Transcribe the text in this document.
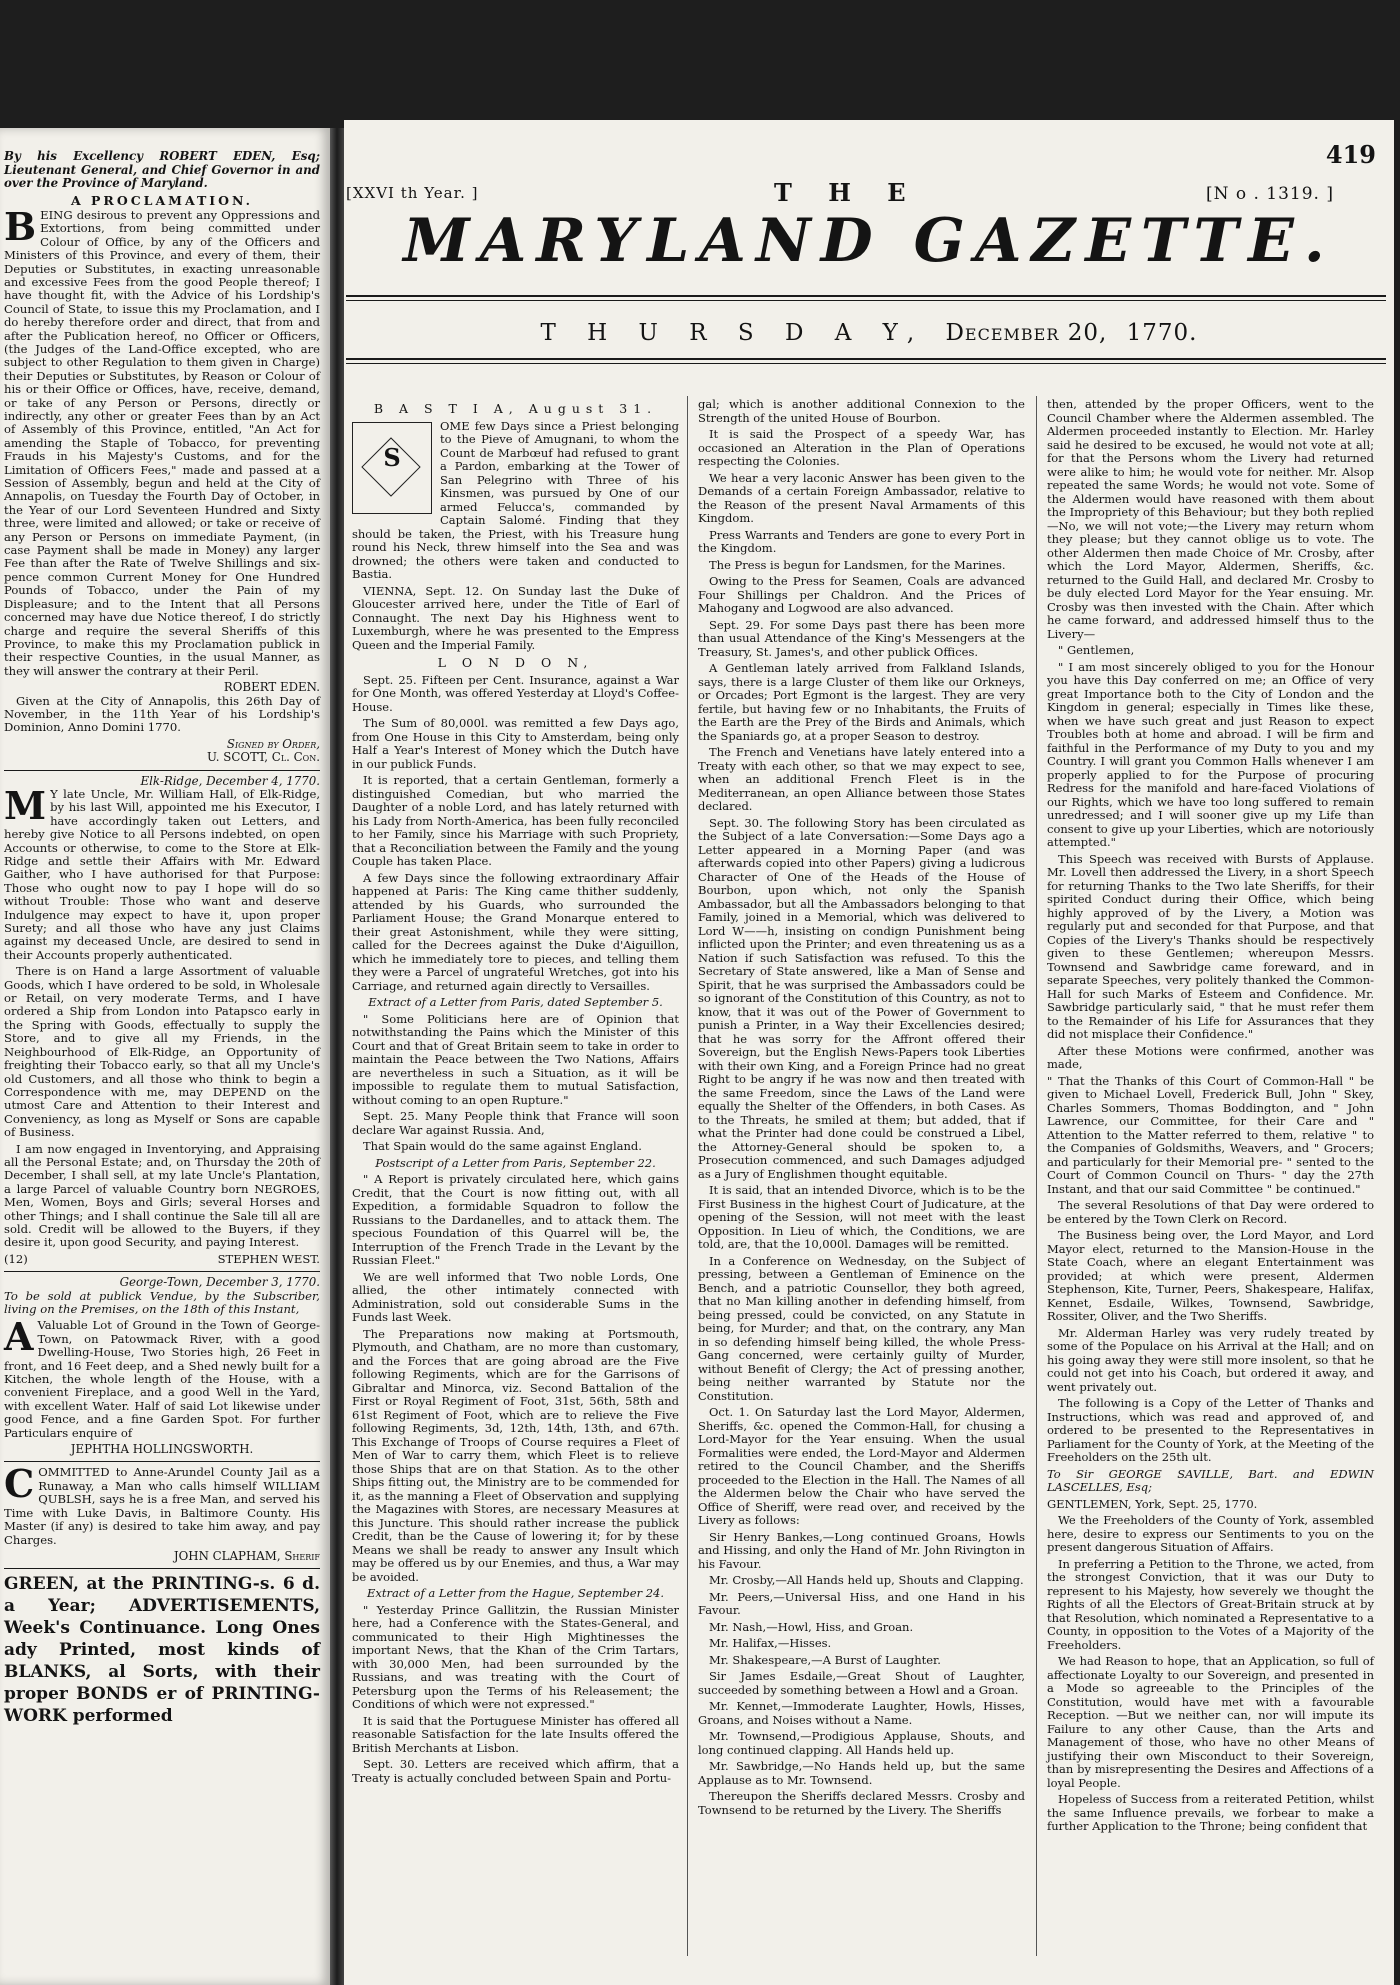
By his Excellency ROBERT EDEN, Esq; Lieutenant General, and Chief Governor in and over the Province of Maryland.
A PROCLAMATION.

BEING desirous to prevent any Oppressions and Extortions, from being committed under Colour of Office, by any of the Officers and Ministers of this Province, and every of them, their Deputies or Substitutes, in exacting unreasonable and excessive Fees from the good People thereof; I have thought fit, with the Advice of his Lordship's Council of State, to issue this my Proclamation, and I do hereby therefore order and direct, that from and after the Publication hereof, no Officer or Officers, (the Judges of the Land-Office excepted, who are subject to other Regulation to them given in Charge) their Deputies or Substitutes, by Reason or Colour of his or their Office or Offices, have, receive, demand, or take of any Person or Persons, directly or indirectly, any other or greater Fees than by an Act of Assembly of this Province, entitled, "An Act for amending the Staple of Tobacco, for preventing Frauds in his Majesty's Customs, and for the Limitation of Officers Fees," made and passed at a Session of Assembly, begun and held at the City of Annapolis, on Tuesday the Fourth Day of October, in the Year of our Lord Seventeen Hundred and Sixty three, were limited and allowed; or take or receive of any Person or Persons on immediate Payment, (in case Payment shall be made in Money) any larger Fee than after the Rate of Twelve Shillings and six-pence common Current Money for One Hundred Pounds of Tobacco, under the Pain of my Displeasure; and to the Intent that all Persons concerned may have due Notice thereof, I do strictly charge and require the several Sheriffs of this Province, to make this my Proclamation publick in their respective Counties, in the usual Manner, as they will answer the contrary at their Peril.

ROBERT EDEN.

Given at the City of Annapolis, this 26th Day of November, in the 11th Year of his Lordship's Dominion, Anno Domini 1770.

Signed by Order,
U. SCOTT, Cl. Con.
Elk-Ridge, December 4, 1770.

M Y late Uncle, Mr. William Hall, of Elk-Ridge, by his last Will, appointed me his Executor, I have accordingly taken out Letters, and hereby give Notice to all Persons indebted, on open Accounts or otherwise, to come to the Store at Elk-Ridge and settle their Affairs with Mr. Edward Gaither, who I have authorised for that Purpose: Those who ought now to pay I hope will do so without Trouble: Those who want and deserve Indulgence may expect to have it, upon proper Surety; and all those who have any just Claims against my deceased Uncle, are desired to send in their Accounts properly authenticated.

There is on Hand a large Assortment of valuable Goods, which I have ordered to be sold, in Wholesale or Retail, on very moderate Terms, and I have ordered a Ship from London into Patapsco early in the Spring with Goods, effectually to supply the Store, and to give all my Friends, in the Neighbourhood of Elk-Ridge, an Opportunity of freighting their Tobacco early, so that all my Uncle's old Customers, and all those who think to begin a Correspondence with me, may DEPEND on the utmost Care and Attention to their Interest and Conveniency, as long as Myself or Sons are capable of Business.

I am now engaged in Inventorying, and Appraising all the Personal Estate; and, on Thursday the 20th of December, I shall sell, at my late Uncle's Plantation, a large Parcel of valuable Country born NEGROES, Men, Women, Boys and Girls; several Horses and other Things; and I shall continue the Sale till all are sold. Credit will be allowed to the Buyers, if they desire it, upon good Security, and paying Interest.

(12)	STEPHEN WEST.
George-Town, December 3, 1770.

To be sold at publick Vendue, by the Subscriber, living on the Premises, on the 18th of this Instant,

A Valuable Lot of Ground in the Town of George-Town, on Patowmack River, with a good Dwelling-House, Two Stories high, 26 Feet in front, and 16 Feet deep, and a Shed newly built for a Kitchen, the whole length of the House, with a convenient Fireplace, and a good Well in the Yard, with excellent Water. Half of said Lot likewise under good Fence, and a fine Garden Spot. For further Particulars enquire of

JEPHTHA HOLLINGSWORTH.

COMMITTED to Anne-Arundel County Jail as a Runaway, a Man who calls himself WILLIAM QUBLSH, says he is a free Man, and served his Time with Luke Davis, in Baltimore County. His Master (if any) is desired to take him away, and pay Charges.

JOHN CLAPHAM, Sherif
GREEN, at the PRINTING-s. 6 d. a Year; ADVERTISEMENTS, Week's Continuance. Long Ones ady Printed, most kinds of BLANKS, al Sorts, with their proper BONDS er of PRINTING-WORK performed
419
[XXVI th Year. ]	T H E	[N o . 1319. ]
MARYLAND GAZETTE.
T H U R S D A Y, December 20, 1770.

B A S T I A, August 31.

S

OME few Days since a Priest belonging to the Pieve of Amugnani, to whom the Count de Marbœuf had refused to grant a Pardon, embarking at the Tower of San Pelegrino with Three of his Kinsmen, was pursued by One of our armed Felucca's, commanded by Captain Salomé. Finding that they should be taken, the Priest, with his Treasure hung round his Neck, threw himself into the Sea and was drowned; the others were taken and conducted to Bastia.

VIENNA, Sept. 12. On Sunday last the Duke of Gloucester arrived here, under the Title of Earl of Connaught. The next Day his Highness went to Luxemburgh, where he was presented to the Empress Queen and the Imperial Family.

L O N D O N,

Sept. 25. Fifteen per Cent. Insurance, against a War for One Month, was offered Yesterday at Lloyd's Coffee-House.

The Sum of 80,000l. was remitted a few Days ago, from One House in this City to Amsterdam, being only Half a Year's Interest of Money which the Dutch have in our publick Funds.

It is reported, that a certain Gentleman, formerly a distinguished Comedian, but who married the Daughter of a noble Lord, and has lately returned with his Lady from North-America, has been fully reconciled to her Family, since his Marriage with such Propriety, that a Reconciliation between the Family and the young Couple has taken Place.

A few Days since the following extraordinary Affair happened at Paris: The King came thither suddenly, attended by his Guards, who surrounded the Parliament House; the Grand Monarque entered to their great Astonishment, while they were sitting, called for the Decrees against the Duke d'Aiguillon, which he immediately tore to pieces, and telling them they were a Parcel of ungrateful Wretches, got into his Carriage, and returned again directly to Versailles.

Extract of a Letter from Paris, dated September 5.

" Some Politicians here are of Opinion that notwithstanding the Pains which the Minister of this Court and that of Great Britain seem to take in order to maintain the Peace between the Two Nations, Affairs are nevertheless in such a Situation, as it will be impossible to regulate them to mutual Satisfaction, without coming to an open Rupture."

Sept. 25. Many People think that France will soon declare War against Russia. And,

That Spain would do the same against England.

Postscript of a Letter from Paris, September 22.

" A Report is privately circulated here, which gains Credit, that the Court is now fitting out, with all Expedition, a formidable Squadron to follow the Russians to the Dardanelles, and to attack them. The specious Foundation of this Quarrel will be, the Interruption of the French Trade in the Levant by the Russian Fleet."

We are well informed that Two noble Lords, One allied, the other intimately connected with Administration, sold out considerable Sums in the Funds last Week.

The Preparations now making at Portsmouth, Plymouth, and Chatham, are no more than customary, and the Forces that are going abroad are the Five following Regiments, which are for the Garrisons of Gibraltar and Minorca, viz. Second Battalion of the First or Royal Regiment of Foot, 31st, 56th, 58th and 61st Regiment of Foot, which are to relieve the Five following Regiments, 3d, 12th, 14th, 13th, and 67th. This Exchange of Troops of Course requires a Fleet of Men of War to carry them, which Fleet is to relieve those Ships that are on that Station. As to the other Ships fitting out, the Ministry are to be commended for it, as the manning a Fleet of Observation and supplying the Magazines with Stores, are necessary Measures at this Juncture. This should rather increase the publick Credit, than be the Cause of lowering it; for by these Means we shall be ready to answer any Insult which may be offered us by our Enemies, and thus, a War may be avoided.

Extract of a Letter from the Hague, September 24.

" Yesterday Prince Gallitzin, the Russian Minister here, had a Conference with the States-General, and communicated to their High Mightinesses the important News, that the Khan of the Crim Tartars, with 30,000 Men, had been surrounded by the Russians, and was treating with the Court of Petersburg upon the Terms of his Releasement; the Conditions of which were not expressed."

It is said that the Portuguese Minister has offered all reasonable Satisfaction for the late Insults offered the British Merchants at Lisbon.

Sept. 30. Letters are received which affirm, that a Treaty is actually concluded between Spain and Portu-

gal; which is another additional Connexion to the Strength of the united House of Bourbon.

It is said the Prospect of a speedy War, has occasioned an Alteration in the Plan of Operations respecting the Colonies.

We hear a very laconic Answer has been given to the Demands of a certain Foreign Ambassador, relative to the Reason of the present Naval Armaments of this Kingdom.

Press Warrants and Tenders are gone to every Port in the Kingdom.

The Press is begun for Landsmen, for the Marines.

Owing to the Press for Seamen, Coals are advanced Four Shillings per Chaldron. And the Prices of Mahogany and Logwood are also advanced.

Sept. 29. For some Days past there has been more than usual Attendance of the King's Messengers at the Treasury, St. James's, and other publick Offices.

A Gentleman lately arrived from Falkland Islands, says, there is a large Cluster of them like our Orkneys, or Orcades; Port Egmont is the largest. They are very fertile, but having few or no Inhabitants, the Fruits of the Earth are the Prey of the Birds and Animals, which the Spaniards go, at a proper Season to destroy.

The French and Venetians have lately entered into a Treaty with each other, so that we may expect to see, when an additional French Fleet is in the Mediterranean, an open Alliance between those States declared.

Sept. 30. The following Story has been circulated as the Subject of a late Conversation:—Some Days ago a Letter appeared in a Morning Paper (and was afterwards copied into other Papers) giving a ludicrous Character of One of the Heads of the House of Bourbon, upon which, not only the Spanish Ambassador, but all the Ambassadors belonging to that Family, joined in a Memorial, which was delivered to Lord W——h, insisting on condign Punishment being inflicted upon the Printer; and even threatening us as a Nation if such Satisfaction was refused. To this the Secretary of State answered, like a Man of Sense and Spirit, that he was surprised the Ambassadors could be so ignorant of the Constitution of this Country, as not to know, that it was out of the Power of Government to punish a Printer, in a Way their Excellencies desired; that he was sorry for the Affront offered their Sovereign, but the English News-Papers took Liberties with their own King, and a Foreign Prince had no great Right to be angry if he was now and then treated with the same Freedom, since the Laws of the Land were equally the Shelter of the Offenders, in both Cases. As to the Threats, he smiled at them; but added, that if what the Printer had done could be construed a Libel, the Attorney-General should be spoken to, a Prosecution commenced, and such Damages adjudged as a Jury of Englishmen thought equitable.

It is said, that an intended Divorce, which is to be the First Business in the highest Court of Judicature, at the opening of the Session, will not meet with the least Opposition. In Lieu of which, the Conditions, we are told, are, that the 10,000l. Damages will be remitted.

In a Conference on Wednesday, on the Subject of pressing, between a Gentleman of Eminence on the Bench, and a patriotic Counsellor, they both agreed, that no Man killing another in defending himself, from being pressed, could be convicted, on any Statute in being, for Murder; and that, on the contrary, any Man in so defending himself being killed, the whole Press-Gang concerned, were certainly guilty of Murder, without Benefit of Clergy; the Act of pressing another, being neither warranted by Statute nor the Constitution.

Oct. 1. On Saturday last the Lord Mayor, Aldermen, Sheriffs, &c. opened the Common-Hall, for chusing a Lord-Mayor for the Year ensuing. When the usual Formalities were ended, the Lord-Mayor and Aldermen retired to the Council Chamber, and the Sheriffs proceeded to the Election in the Hall. The Names of all the Aldermen below the Chair who have served the Office of Sheriff, were read over, and received by the Livery as follows:

Sir Henry Bankes,—Long continued Groans, Howls and Hissing, and only the Hand of Mr. John Rivington in his Favour.

Mr. Crosby,—All Hands held up, Shouts and Clapping.

Mr. Peers,—Universal Hiss, and one Hand in his Favour.

Mr. Nash,—Howl, Hiss, and Groan.

Mr. Halifax,—Hisses.

Mr. Shakespeare,—A Burst of Laughter.

Sir James Esdaile,—Great Shout of Laughter, succeeded by something between a Howl and a Groan.

Mr. Kennet,—Immoderate Laughter, Howls, Hisses, Groans, and Noises without a Name.

Mr. Townsend,—Prodigious Applause, Shouts, and long continued clapping. All Hands held up.

Mr. Sawbridge,—No Hands held up, but the same Applause as to Mr. Townsend.

Thereupon the Sheriffs declared Messrs. Crosby and Townsend to be returned by the Livery. The Sheriffs

then, attended by the proper Officers, went to the Council Chamber where the Aldermen assembled. The Aldermen proceeded instantly to Election. Mr. Harley said he desired to be excused, he would not vote at all; for that the Persons whom the Livery had returned were alike to him; he would vote for neither. Mr. Alsop repeated the same Words; he would not vote. Some of the Aldermen would have reasoned with them about the Impropriety of this Behaviour; but they both replied—No, we will not vote;—the Livery may return whom they please; but they cannot oblige us to vote. The other Aldermen then made Choice of Mr. Crosby, after which the Lord Mayor, Aldermen, Sheriffs, &c. returned to the Guild Hall, and declared Mr. Crosby to be duly elected Lord Mayor for the Year ensuing. Mr. Crosby was then invested with the Chain. After which he came forward, and addressed himself thus to the Livery—

" Gentlemen,

" I am most sincerely obliged to you for the Honour you have this Day conferred on me; an Office of very great Importance both to the City of London and the Kingdom in general; especially in Times like these, when we have such great and just Reason to expect Troubles both at home and abroad. I will be firm and faithful in the Performance of my Duty to you and my Country. I will grant you Common Halls whenever I am properly applied to for the Purpose of procuring Redress for the manifold and hare-faced Violations of our Rights, which we have too long suffered to remain unredressed; and I will sooner give up my Life than consent to give up your Liberties, which are notoriously attempted."

This Speech was received with Bursts of Applause. Mr. Lovell then addressed the Livery, in a short Speech for returning Thanks to the Two late Sheriffs, for their spirited Conduct during their Office, which being highly approved of by the Livery, a Motion was regularly put and seconded for that Purpose, and that Copies of the Livery's Thanks should be respectively given to these Gentlemen; whereupon Messrs. Townsend and Sawbridge came foreward, and in separate Speeches, very politely thanked the Common-Hall for such Marks of Esteem and Confidence. Mr. Sawbridge particularly said, " that he must refer them to the Remainder of his Life for Assurances that they did not misplace their Confidence."

After these Motions were confirmed, another was made,

" That the Thanks of this Court of Common-Hall " be given to Michael Lovell, Frederick Bull, John " Skey, Charles Sommers, Thomas Boddington, and " John Lawrence, our Committee, for their Care and " Attention to the Matter referred to them, relative " to the Companies of Goldsmiths, Weavers, and " Grocers; and particularly for their Memorial pre- " sented to the Court of Common Council on Thurs- " day the 27th Instant, and that our said Committee " be continued."

The several Resolutions of that Day were ordered to be entered by the Town Clerk on Record.

The Business being over, the Lord Mayor, and Lord Mayor elect, returned to the Mansion-House in the State Coach, where an elegant Entertainment was provided; at which were present, Aldermen Stephenson, Kite, Turner, Peers, Shakespeare, Halifax, Kennet, Esdaile, Wilkes, Townsend, Sawbridge, Rossiter, Oliver, and the Two Sheriffs.

Mr. Alderman Harley was very rudely treated by some of the Populace on his Arrival at the Hall; and on his going away they were still more insolent, so that he could not get into his Coach, but ordered it away, and went privately out.

The following is a Copy of the Letter of Thanks and Instructions, which was read and approved of, and ordered to be presented to the Representatives in Parliament for the County of York, at the Meeting of the Freeholders on the 25th ult.

To Sir GEORGE SAVILLE, Bart. and EDWIN LASCELLES, Esq;

GENTLEMEN, York, Sept. 25, 1770.

We the Freeholders of the County of York, assembled here, desire to express our Sentiments to you on the present dangerous Situation of Affairs.

In preferring a Petition to the Throne, we acted, from the strongest Conviction, that it was our Duty to represent to his Majesty, how severely we thought the Rights of all the Electors of Great-Britain struck at by that Resolution, which nominated a Representative to a County, in opposition to the Votes of a Majority of the Freeholders.

We had Reason to hope, that an Application, so full of affectionate Loyalty to our Sovereign, and presented in a Mode so agreeable to the Principles of the Constitution, would have met with a favourable Reception. —But we neither can, nor will impute its Failure to any other Cause, than the Arts and Management of those, who have no other Means of justifying their own Misconduct to their Sovereign, than by misrepresenting the Desires and Affections of a loyal People.

Hopeless of Success from a reiterated Petition, whilst the same Influence prevails, we forbear to make a further Application to the Throne; being confident that
